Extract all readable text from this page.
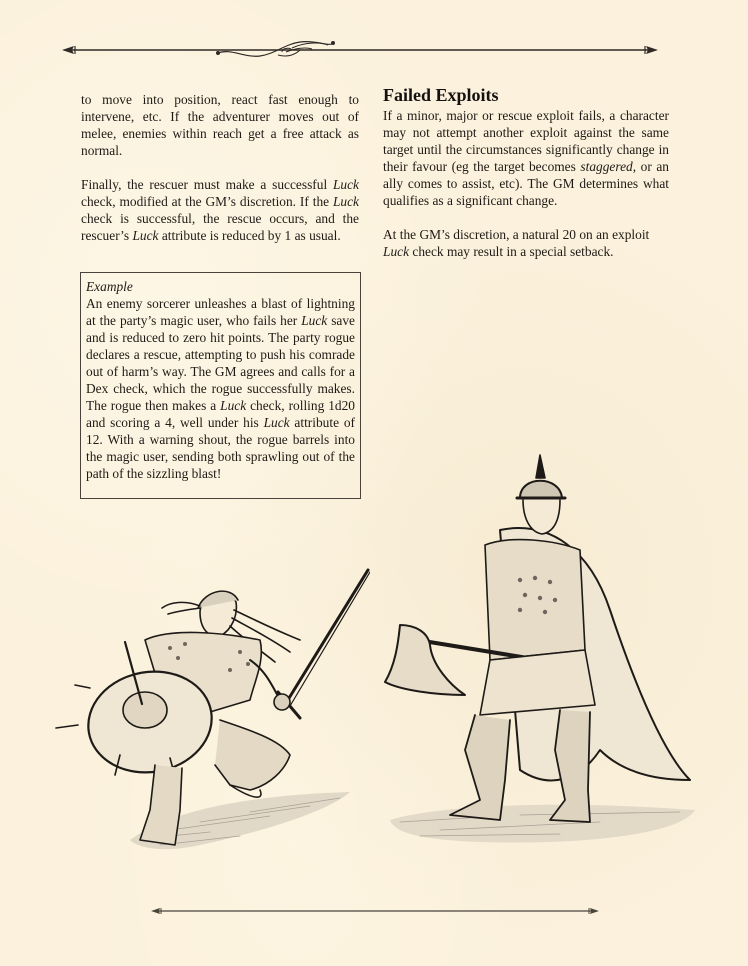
to move into position, react fast enough to intervene, etc. If the adventurer moves out of melee, enemies within reach get a free attack as normal.

Finally, the rescuer must make a successful Luck check, modified at the GM’s discretion. If the Luck check is successful, the rescue occurs, and the rescuer’s Luck attribute is reduced by 1 as usual.

Example
An enemy sorcerer unleashes a blast of lightning at the party’s magic user, who fails her Luck save and is reduced to zero hit points. The party rogue declares a rescue, attempting to push his comrade out of harm’s way. The GM agrees and calls for a Dex check, which the rogue successfully makes. The rogue then makes a Luck check, rolling 1d20 and scoring a 4, well under his Luck attribute of 12. With a warning shout, the rogue barrels into the magic user, sending both sprawling out of the path of the sizzling blast!
Failed Exploits

If a minor, major or rescue exploit fails, a character may not attempt another exploit against the same target until the circumstances significantly change in their favour (eg the target becomes staggered, or an ally comes to assist, etc). The GM determines what qualifies as a significant change.

At the GM’s discretion, a natural 20 on an exploit Luck check may result in a special setback.
